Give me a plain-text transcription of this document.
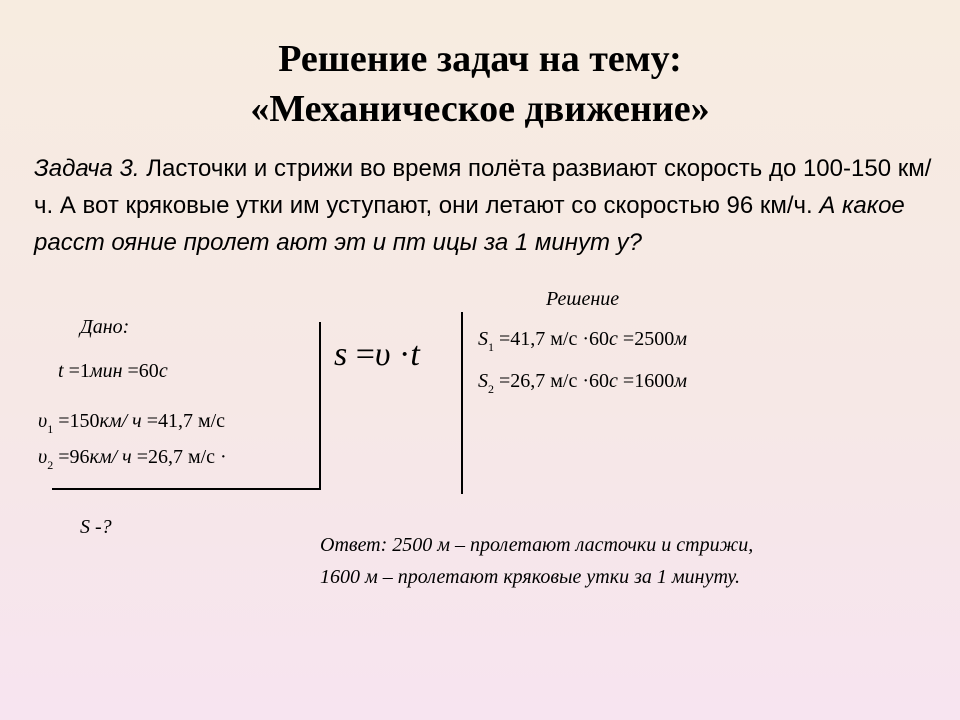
Решение задач на тему:
«Механическое движение»
Задача 3. Ласточки и стрижи во время полёта развиают скорость до 100-150 км/ч. А вот кряковые утки им уступают, они летают со скоростью 96 км/ч. А какое расст ояние пролет ают эт и пт ицы за 1 минут у?
Дано:
t =1мин =60c
$\upsilon_1 =150км/$ ч =41,7 м/с
$\upsilon_2 =96км/$ ч =26,7 м/с ·
S -?
s =υ ·t
Решение
$S_1 =41,7$ м/с ·60c =2500м
$S_2 =26,7$ м/с ·60c =1600м
Ответ: 2500 м – пролетают ласточки и стрижи,
1600 м – пролетают кряковые утки за 1 минуту.
